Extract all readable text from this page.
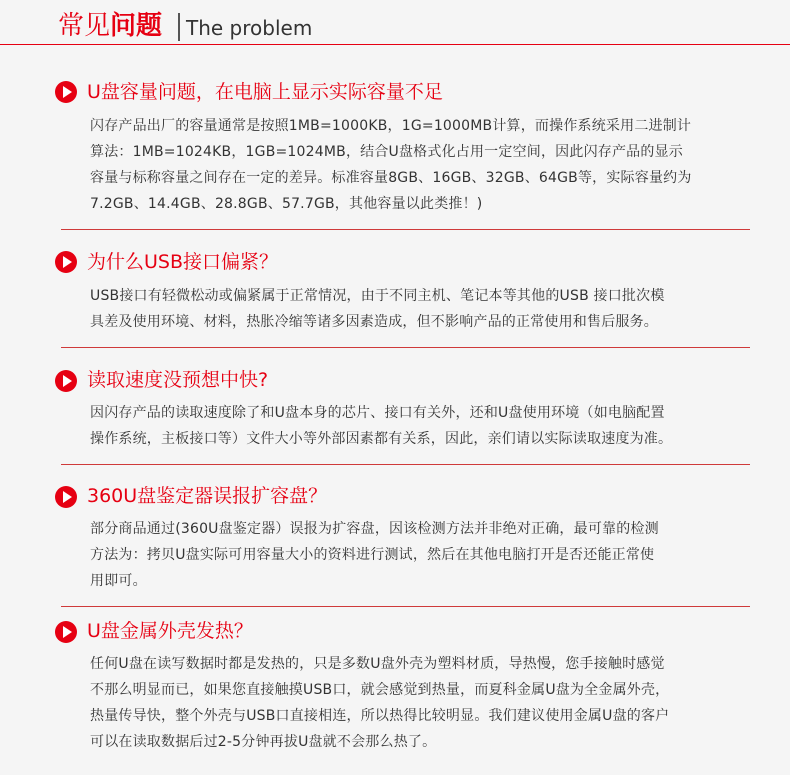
常见问题 The problem
U盘容量问题，在电脑上显示实际容量不足
闪存产品出厂的容量通常是按照1MB=1000KB，1G=1000MB计算，而操作系统采用二进制计
算法：1MB=1024KB，1GB=1024MB，结合U盘格式化占用一定空间，因此闪存产品的显示
容量与标称容量之间存在一定的差异。标准容量8GB、16GB、32GB、64GB等，实际容量约为
7.2GB、14.4GB、28.8GB、57.7GB，其他容量以此类推！)
为什么USB接口偏紧？
USB接口有轻微松动或偏紧属于正常情况，由于不同主机、笔记本等其他的USB 接口批次模
具差及使用环境、材料，热胀冷缩等诸多因素造成，但不影响产品的正常使用和售后服务。
读取速度没预想中快?
因闪存产品的读取速度除了和U盘本身的芯片、接口有关外，还和U盘使用环境（如电脑配置
操作系统，主板接口等）文件大小等外部因素都有关系，因此，亲们请以实际读取速度为准。
360U盘鉴定器误报扩容盘？
部分商品通过(360U盘鉴定器）误报为扩容盘，因该检测方法并非绝对正确，最可靠的检测
方法为：拷贝U盘实际可用容量大小的资料进行测试，然后在其他电脑打开是否还能正常使
用即可。
U盘金属外壳发热？
任何U盘在读写数据时都是发热的，只是多数U盘外壳为塑料材质，导热慢，您手接触时感觉
不那么明显而已，如果您直接触摸USB口，就会感觉到热量，而夏科金属U盘为全金属外壳，
热量传导快，整个外壳与USB口直接相连，所以热得比较明显。我们建议使用金属U盘的客户
可以在读取数据后过2-5分钟再拔U盘就不会那么热了。
